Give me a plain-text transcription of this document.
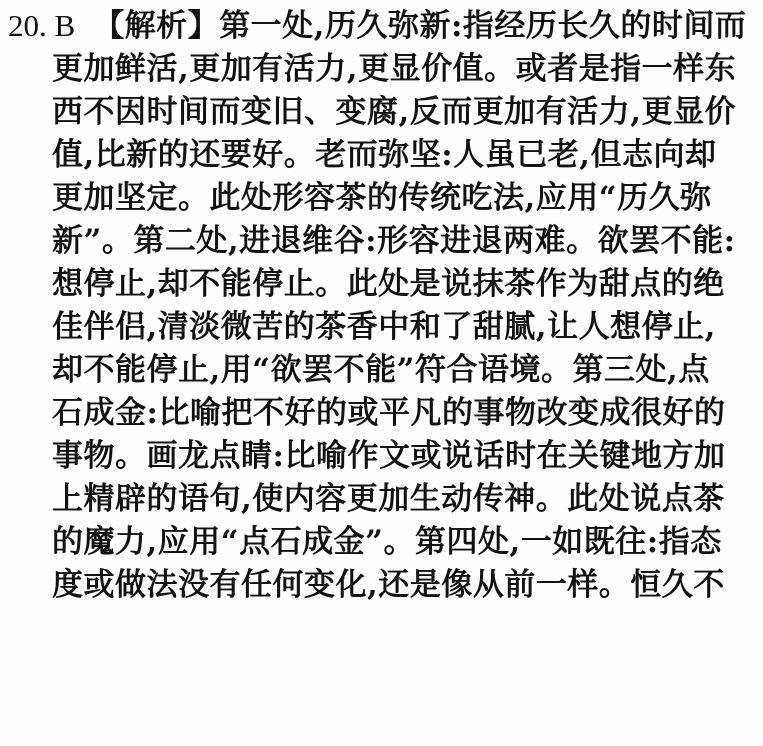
20. B 【解析】第一处,历久弥新:指经历长久的时间而
更加鲜活,更加有活力,更显价值。或者是指一样东
西不因时间而变旧、变腐,反而更加有活力,更显价
值,比新的还要好。老而弥坚:人虽已老,但志向却
更加坚定。此处形容茶的传统吃法,应用“历久弥
新”。第二处,进退维谷:形容进退两难。欲罢不能:
想停止,却不能停止。此处是说抹茶作为甜点的绝
佳伴侣,清淡微苦的茶香中和了甜腻,让人想停止,
却不能停止,用“欲罢不能”符合语境。第三处,点
石成金:比喻把不好的或平凡的事物改变成很好的
事物。画龙点睛:比喻作文或说话时在关键地方加
上精辟的语句,使内容更加生动传神。此处说点茶
的魔力,应用“点石成金”。第四处,一如既往:指态
度或做法没有任何变化,还是像从前一样。恒久不
